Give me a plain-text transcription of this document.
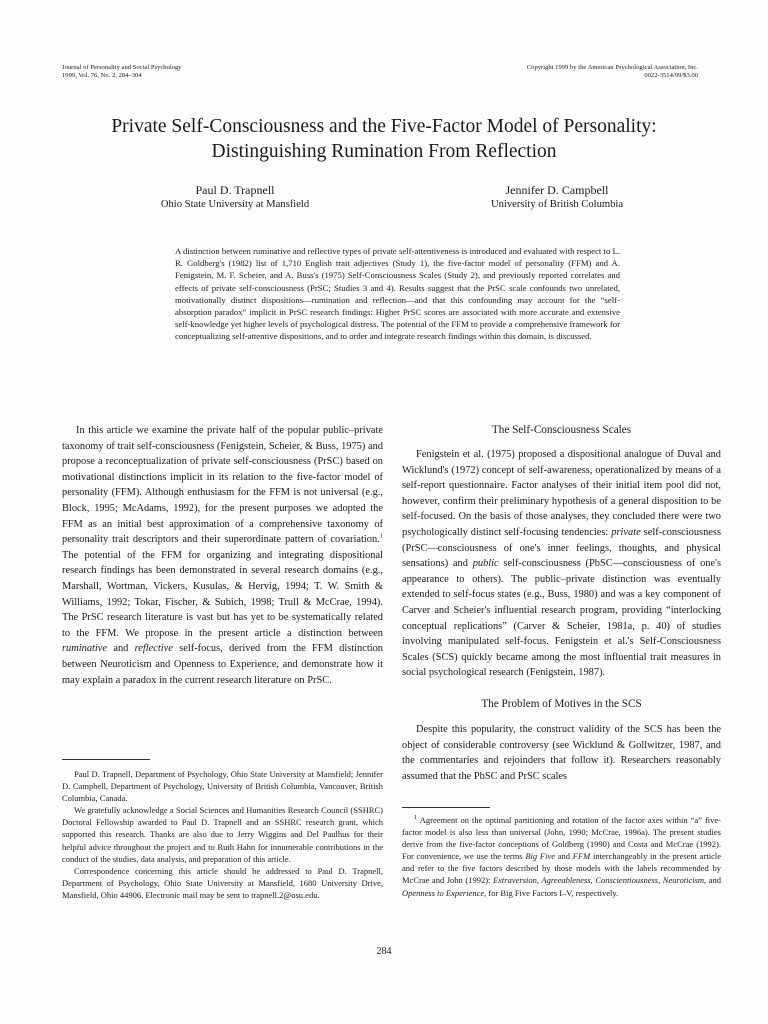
Journal of Personality and Social Psychology
1999, Vol. 76, No. 2, 284–304
Copyright 1999 by the American Psychological Association, Inc.
0022-3514/99/$3.00
Private Self-Consciousness and the Five-Factor Model of Personality:
Distinguishing Rumination From Reflection
Paul D. Trapnell
Ohio State University at Mansfield
Jennifer D. Campbell
University of British Columbia
A distinction between ruminative and reflective types of private self-attentiveness is introduced and evaluated with respect to L. R. Goldberg's (1982) list of 1,710 English trait adjectives (Study 1), the five-factor model of personality (FFM) and A. Fenigstein, M. F. Scheier, and A. Buss's (1975) Self-Consciousness Scales (Study 2), and previously reported correlates and effects of private self-consciousness (PrSC; Studies 3 and 4). Results suggest that the PrSC scale confounds two unrelated, motivationally distinct dispositions—rumination and reflection—and that this confounding may account for the “self-absorption paradox” implicit in PrSC research findings: Higher PrSC scores are associated with more accurate and extensive self-knowledge yet higher levels of psychological distress. The potential of the FFM to provide a comprehensive framework for conceptualizing self-attentive dispositions, and to order and integrate research findings within this domain, is discussed.

In this article we examine the private half of the popular public–private taxonomy of trait self-consciousness (Fenigstein, Scheier, & Buss, 1975) and propose a reconceptualization of private self-consciousness (PrSC) based on motivational distinctions implicit in its relation to the five-factor model of personality (FFM). Although enthusiasm for the FFM is not universal (e.g., Block, 1995; McAdams, 1992), for the present purposes we adopted the FFM as an initial best approximation of a comprehensive taxonomy of personality trait descriptors and their superordinate pattern of covariation.$^1$ The potential of the FFM for organizing and integrating dispositional research findings has been demonstrated in several research domains (e.g., Marshall, Wortman, Vickers, Kusulas, & Hervig, 1994; T. W. Smith & Williams, 1992; Tokar, Fischer, & Subich, 1998; Trull & McCrae, 1994). The PrSC research literature is vast but has yet to be systematically related to the FFM. We propose in the present article a distinction between ruminative and reflective self-focus, derived from the FFM distinction between Neuroticism and Openness to Experience, and demonstrate how it may explain a paradox in the current research literature on PrSC.

The Self-Consciousness Scales

Fenigstein et al. (1975) proposed a dispositional analogue of Duval and Wicklund's (1972) concept of self-awareness, operationalized by means of a self-report questionnaire. Factor analyses of their initial item pool did not, however, confirm their preliminary hypothesis of a general disposition to be self-focused. On the basis of those analyses, they concluded there were two psychologically distinct self-focusing tendencies: private self-consciousness (PrSC—consciousness of one's inner feelings, thoughts, and physical sensations) and public self-consciousness (PbSC—consciousness of one's appearance to others). The public–private distinction was eventually extended to self-focus states (e.g., Buss, 1980) and was a key component of Carver and Scheier's influential research program, providing “interlocking conceptual replications” (Carver & Scheier, 1981a, p. 40) of studies involving manipulated self-focus. Fenigstein et al.'s Self-Consciousness Scales (SCS) quickly became among the most influential trait measures in social psychological research (Fenigstein, 1987).

The Problem of Motives in the SCS

Despite this popularity, the construct validity of the SCS has been the object of considerable controversy (see Wicklund & Gollwitzer, 1987, and the commentaries and rejoinders that follow it). Researchers reasonably assumed that the PbSC and PrSC scales

Paul D. Trapnell, Department of Psychology, Ohio State University at Mansfield; Jennifer D. Campbell, Department of Psychology, University of British Columbia, Vancouver, British Columbia, Canada.

We gratefully acknowledge a Social Sciences and Humanities Research Council (SSHRC) Doctoral Fellowship awarded to Paul D. Trapnell and an SSHRC research grant, which supported this research. Thanks are also due to Jerry Wiggins and Del Paulhus for their helpful advice throughout the project and to Ruth Hahn for innumerable contributions in the conduct of the studies, data analysis, and preparation of this article.

Correspondence concerning this article should be addressed to Paul D. Trapnell, Department of Psychology, Ohio State University at Mansfield, 1680 University Drive, Mansfield, Ohio 44906. Electronic mail may be sent to trapnell.2@osu.edu.

$^1$ Agreement on the optimal partitioning and rotation of the factor axes within “a” five-factor model is also less than universal (John, 1990; McCrae, 1996a). The present studies derive from the five-factor conceptions of Goldberg (1990) and Costa and McCrae (1992). For convenience, we use the terms Big Five and FFM interchangeably in the present article and refer to the five factors described by those models with the labels recommended by McCrae and John (1992): Extraversion, Agreeableness, Conscientiousness, Neuroticism, and Openness to Experience, for Big Five Factors I–V, respectively.

284
